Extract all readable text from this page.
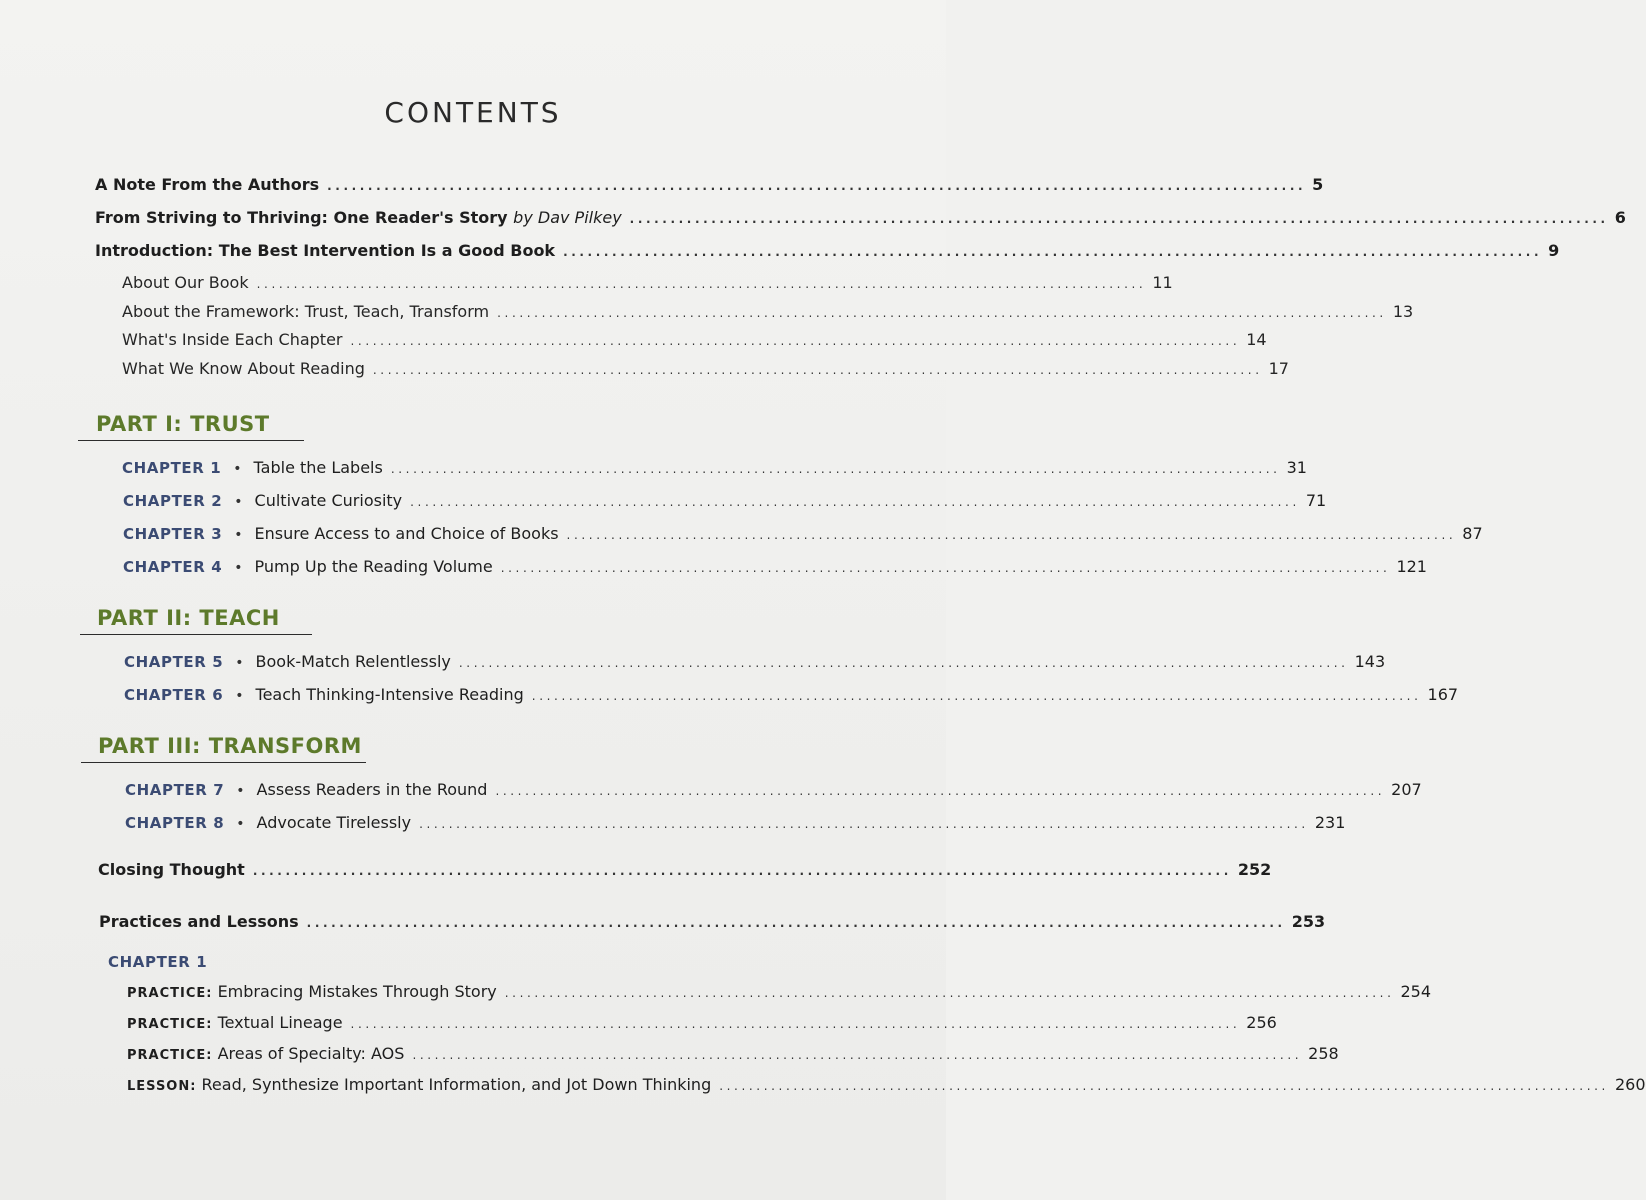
CONTENTS
A Note From the Authors ........................................................................................................................ 5
From Striving to Thriving: One Reader's Story by Dav Pilkey ........................................................................................................................ 6
Introduction: The Best Intervention Is a Good Book ........................................................................................................................ 9
About Our Book ........................................................................................................................ 11
About the Framework: Trust, Teach, Transform ........................................................................................................................ 13
What's Inside Each Chapter ........................................................................................................................ 14
What We Know About Reading ........................................................................................................................ 17
PART I: TRUST
CHAPTER 1 • Table the Labels ........................................................................................................................ 31
CHAPTER 2 • Cultivate Curiosity ........................................................................................................................ 71
CHAPTER 3 • Ensure Access to and Choice of Books ........................................................................................................................ 87
CHAPTER 4 • Pump Up the Reading Volume ........................................................................................................................ 121
PART II: TEACH
CHAPTER 5 • Book-Match Relentlessly ........................................................................................................................ 143
CHAPTER 6 • Teach Thinking-Intensive Reading ........................................................................................................................ 167
PART III: TRANSFORM
CHAPTER 7 • Assess Readers in the Round ........................................................................................................................ 207
CHAPTER 8 • Advocate Tirelessly ........................................................................................................................ 231
Closing Thought ........................................................................................................................ 252
Practices and Lessons ........................................................................................................................ 253
CHAPTER 1
PRACTICE: Embracing Mistakes Through Story ........................................................................................................................ 254
PRACTICE: Textual Lineage ........................................................................................................................ 256
PRACTICE: Areas of Specialty: AOS ........................................................................................................................ 258
LESSON: Read, Synthesize Important Information, and Jot Down Thinking ........................................................................................................................ 260
